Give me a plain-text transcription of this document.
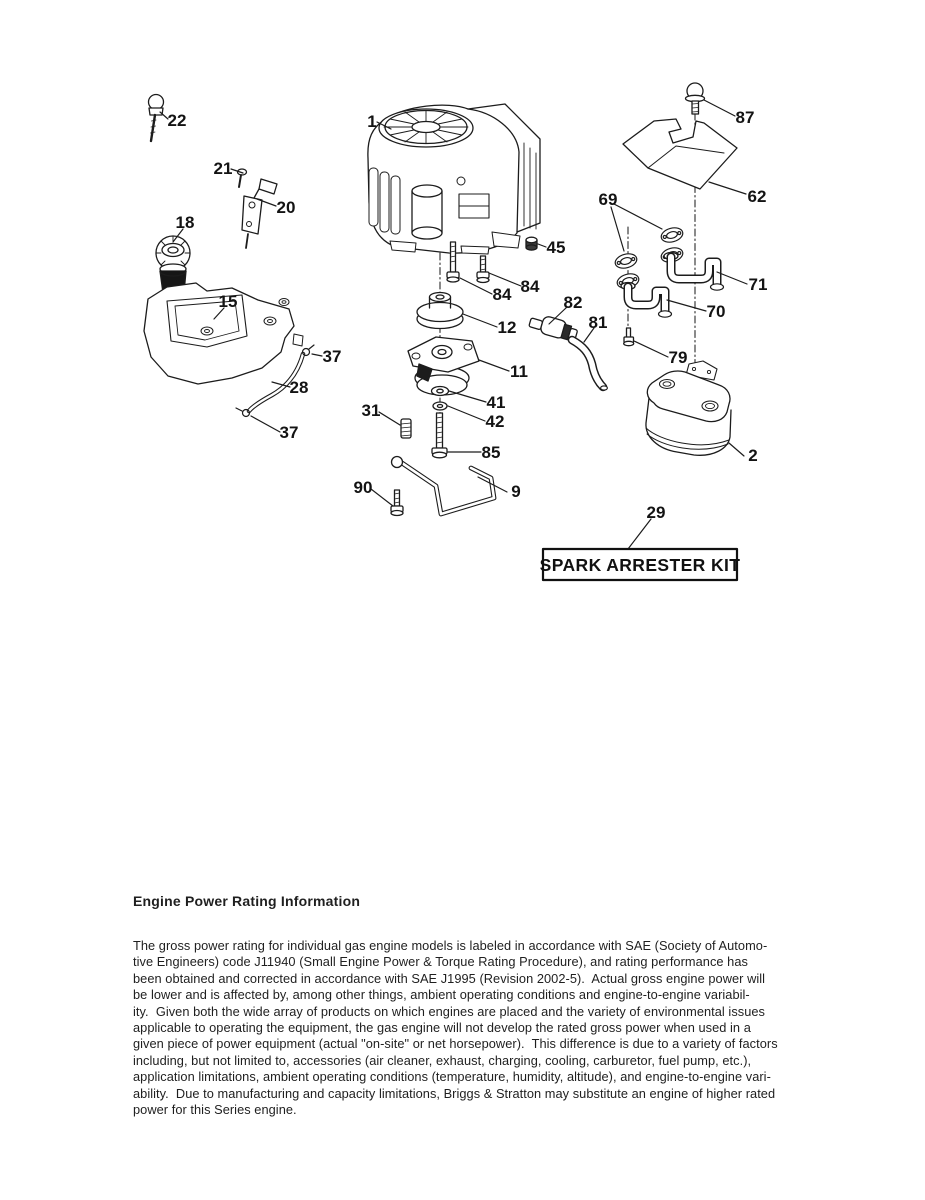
22	1	87
21
20
62
69
18
45
71
84 84
15
12
70
82
81
37	79
11
28
41
42
31
37
85	2
90	9
29
SPARK ARRESTER KIT
Engine Power Rating Information
The gross power rating for individual gas engine models is labeled in accordance with SAE (Society of Automo-
tive Engineers) code J11940 (Small Engine Power & Torque Rating Procedure), and rating performance has
been obtained and corrected in accordance with SAE J1995 (Revision 2002-5).  Actual gross engine power will
be lower and is affected by, among other things, ambient operating conditions and engine-to-engine variabil-
ity.  Given both the wide array of products on which engines are placed and the variety of environmental issues
applicable to operating the equipment, the gas engine will not develop the rated gross power when used in a
given piece of power equipment (actual "on-site" or net horsepower).  This difference is due to a variety of factors
including, but not limited to, accessories (air cleaner, exhaust, charging, cooling, carburetor, fuel pump, etc.),
application limitations, ambient operating conditions (temperature, humidity, altitude), and engine-to-engine vari-
ability.  Due to manufacturing and capacity limitations, Briggs & Stratton may substitute an engine of higher rated
power for this Series engine.
